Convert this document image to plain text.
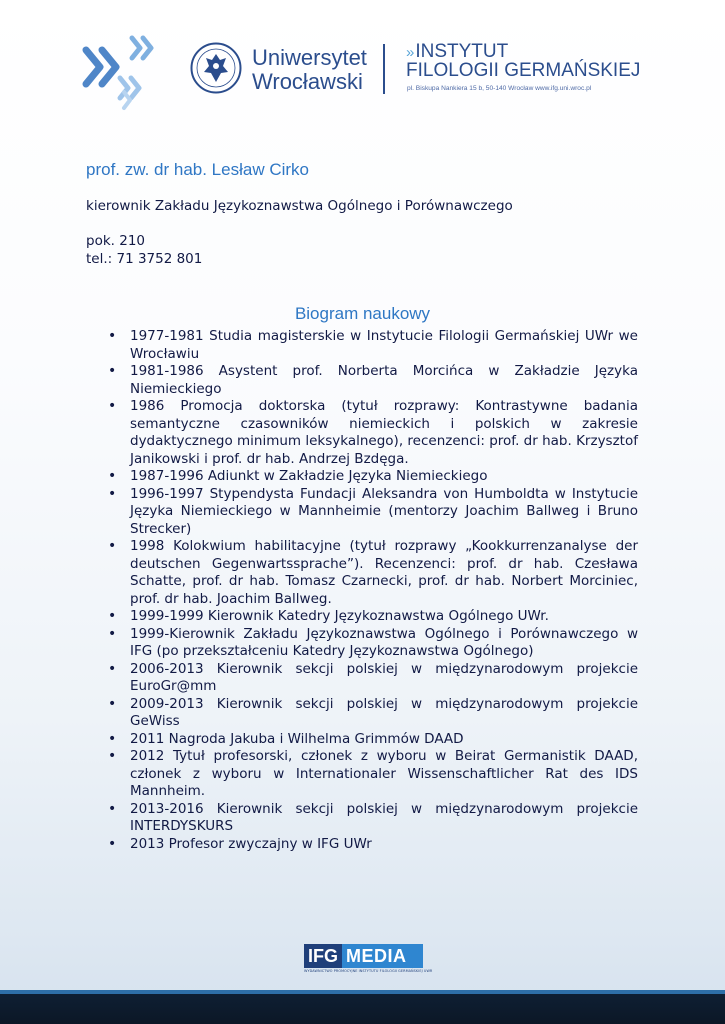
Uniwersytet
Wrocławski
» INSTYTUT
FILOLOGII GERMAŃSKIEJ
pl. Biskupa Nankiera 15 b, 50-140 Wrocław www.ifg.uni.wroc.pl
prof. zw. dr hab. Lesław Cirko
kierownik Zakładu Językoznawstwa Ogólnego i Porównawczego
pok. 210
tel.: 71 3752 801
Biogram naukowy
• 1977-1981 Studia magisterskie w Instytucie Filologii Germańskiej UWr we Wrocławiu
• 1981-1986 Asystent prof. Norberta Morcińca w Zakładzie Języka Niemieckiego
• 1986 Promocja doktorska (tytuł rozprawy: Kontrastywne badania semantyczne czasowników niemieckich i polskich w zakresie dydaktycznego minimum leksykalnego), recenzenci: prof. dr hab. Krzysztof Janikowski i prof. dr hab. Andrzej Bzdęga.
• 1987-1996 Adiunkt w Zakładzie Języka Niemieckiego
• 1996-1997 Stypendysta Fundacji Aleksandra von Humboldta w Instytucie Języka Niemieckiego w Mannheimie (mentorzy Joachim Ballweg i Bruno Strecker)
• 1998 Kolokwium habilitacyjne (tytuł rozprawy „Kookkurrenzanalyse der deutschen Gegenwartssprache”). Recenzenci: prof. dr hab. Czesława Schatte, prof. dr hab. Tomasz Czarnecki, prof. dr hab. Norbert Morciniec, prof. dr hab. Joachim Ballweg.
• 1999-1999 Kierownik Katedry Językoznawstwa Ogólnego UWr.
• 1999-Kierownik Zakładu Językoznawstwa Ogólnego i Porównawczego w IFG (po przekształceniu Katedry Językoznawstwa Ogólnego)
• 2006-2013 Kierownik sekcji polskiej w międzynarodowym projekcie EuroGr@mm
• 2009-2013 Kierownik sekcji polskiej w międzynarodowym projekcie GeWiss
• 2011 Nagroda Jakuba i Wilhelma Grimmów DAAD
• 2012 Tytuł profesorski, członek z wyboru w Beirat Germanistik DAAD, członek z wyboru w Internationaler Wissenschaftlicher Rat des IDS Mannheim.
• 2013-2016 Kierownik sekcji polskiej w międzynarodowym projekcie INTERDYSKURS
• 2013 Profesor zwyczajny w IFG UWr
IFG MEDIA
WYDAWNICTWO PROMOCYJNE INSTYTUTU FILOLOGII GERMAŃSKIEJ UWR
